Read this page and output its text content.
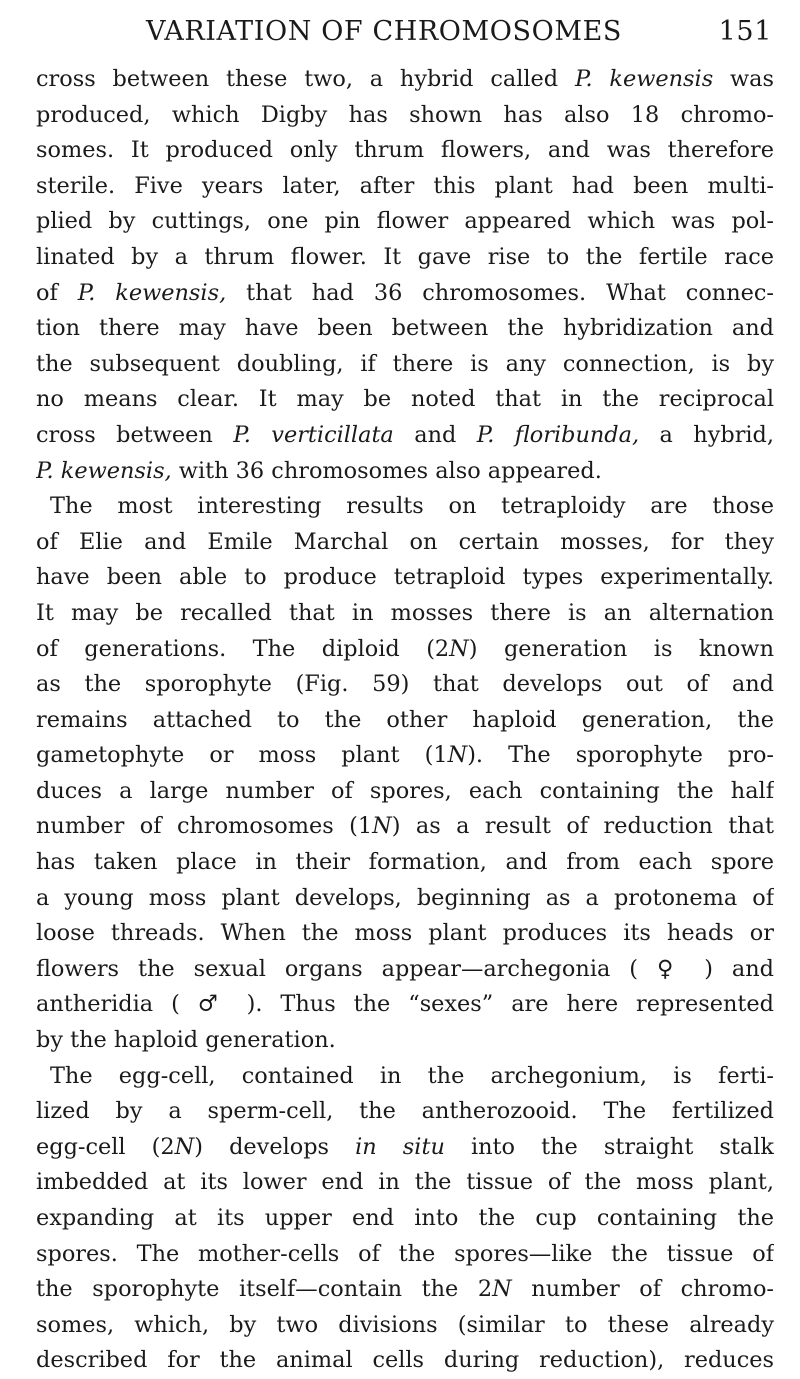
VARIATION OF CHROMOSOMES	151
cross between these two, a hybrid called P. kewensis was
produced, which Digby has shown has also 18 chromo-
somes. It produced only thrum flowers, and was therefore
sterile. Five years later, after this plant had been multi-
plied by cuttings, one pin flower appeared which was pol-
linated by a thrum flower. It gave rise to the fertile race
of P. kewensis, that had 36 chromosomes. What connec-
tion there may have been between the hybridization and
the subsequent doubling, if there is any connection, is by
no means clear. It may be noted that in the reciprocal
cross between P. verticillata and P. floribunda, a hybrid,
P. kewensis, with 36 chromosomes also appeared.
The most interesting results on tetraploidy are those
of Elie and Emile Marchal on certain mosses, for they
have been able to produce tetraploid types experimentally.
It may be recalled that in mosses there is an alternation
of generations. The diploid (2N) generation is known
as the sporophyte (Fig. 59) that develops out of and
remains attached to the other haploid generation, the
gametophyte or moss plant (1N). The sporophyte pro-
duces a large number of spores, each containing the half
number of chromosomes (1N) as a result of reduction that
has taken place in their formation, and from each spore
a young moss plant develops, beginning as a protonema of
loose threads. When the moss plant produces its heads or
flowers the sexual organs appear—archegonia ( ♀ ) and
antheridia ( ♂ ). Thus the “sexes” are here represented
by the haploid generation.
The egg-cell, contained in the archegonium, is ferti-
lized by a sperm-cell, the antherozooid. The fertilized
egg-cell (2N) develops in situ into the straight stalk
imbedded at its lower end in the tissue of the moss plant,
expanding at its upper end into the cup containing the
spores. The mother-cells of the spores—like the tissue of
the sporophyte itself—contain the 2N number of chromo-
somes, which, by two divisions (similar to these already
described for the animal cells during reduction), reduces
